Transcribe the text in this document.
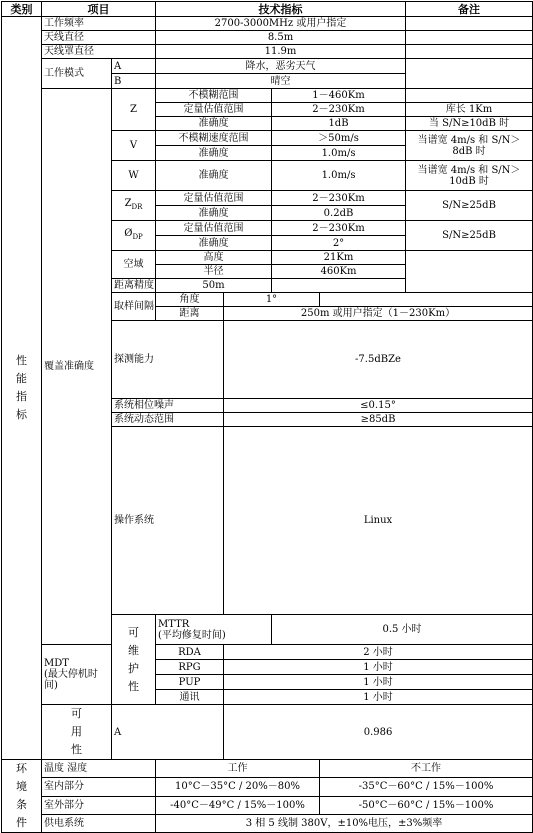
类别	项目		技术指标				备注	
性
能
指
标	工作频率		2700-3000MHz 或用户指定					
	天线直径		8.5m					
	天线罩直径		11.9m					
	工作模式	A	降水，恶劣天气					
		B	晴空					
	覆盖准确度	Z	不模糊范围		1－460Km			
			定量估值范围		2－230Km		库长 1Km	
			准确度		1dB		当 S/N≥10dB 时	
		V	不模糊速度范围		＞50m/s		当谱宽 4m/s 和 S/N＞8dB 时	
			准确度		1.0m/s			
		W	准确度		1.0m/s		当谱宽 4m/s 和 S/N＞10dB 时	
		$Z_{DR}$	定量估值范围		2－230Km		S/N≥25dB	
			准确度		0.2dB			
		$Ø_{DP}$	定量估值范围		2－230Km		S/N≥25dB	
			准确度		2°			
		空域	高度		21Km			
			半径		460Km			
		距离精度	50m					
		取样间隔	角度	1°		
			距离	250m 或用户指定（1－230Km）				
		探测能力		-7.5dBZe	
		系统相位噪声		≤0.15°				
		系统动态范围		≥85dB	
		操作系统		Linux	
		可
维
护
性	MTTR
(平均修复时间)		0.5 小时			
	MDT
(最大停机时间)		RDA	2 小时				
			RPG	1 小时				
			PUP	1 小时				
			通讯	1 小时				
	可
用
性	A		0.986				
环
境
条
件	温度 湿度		工作			不工作		
	室内部分		10°C－35°C / 20%－80%			-35°C－60°C / 15%－100%		
	室外部分		-40°C－49°C / 15%－100%			-50°C－60°C / 15%－100%		
	供电系统		3 相 5 线制 380V，±10%电压，±3%频率					
